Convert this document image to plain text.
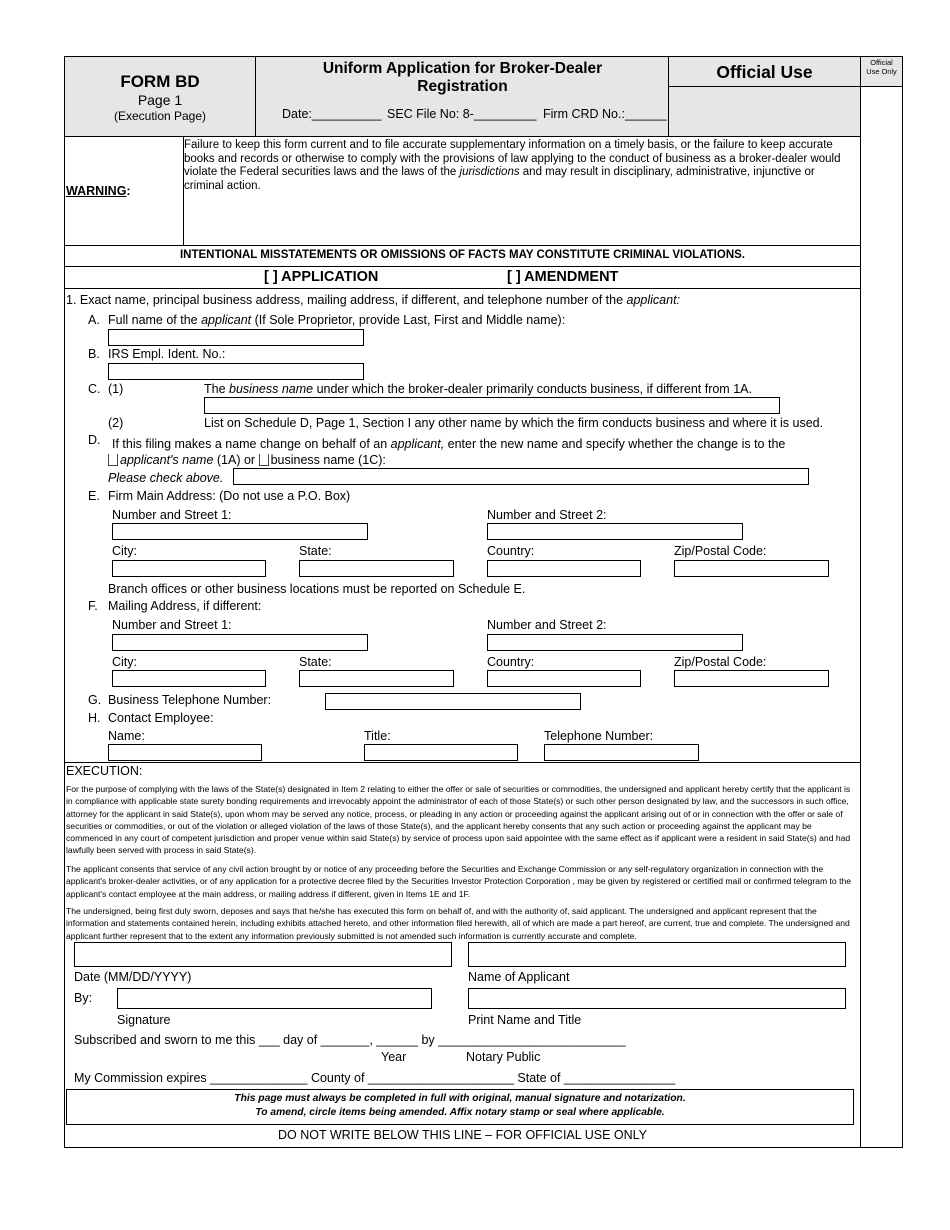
FORM BD
Page 1
(Execution Page)
Uniform Application for Broker-Dealer Registration
Date:__________ SEC File No: 8-_________ Firm CRD No.:______
Official Use	Official Use Only
WARNING:
Failure to keep this form current and to file accurate supplementary information on a timely basis, or the failure to keep accurate books and records or otherwise to comply with the provisions of law applying to the conduct of business as a broker-dealer would violate the Federal securities laws and the laws of the jurisdictions and may result in disciplinary, administrative, injunctive or criminal action.
INTENTIONAL MISSTATEMENTS OR OMISSIONS OF FACTS MAY CONSTITUTE CRIMINAL VIOLATIONS.
[ ] APPLICATION	[ ] AMENDMENT
1. Exact name, principal business address, mailing address, if different, and telephone number of the applicant:
A. Full name of the applicant (If Sole Proprietor, provide Last, First and Middle name):
B. IRS Empl. Ident. No.:
C. (1)	The business name under which the broker-dealer primarily conducts business, if different from 1A.
(2)	List on Schedule D, Page 1, Section I any other name by which the firm conducts business and where it is used.
D. If this filing makes a name change on behalf of an applicant, enter the new name and specify whether the change is to the
applicant's name (1A) or business name (1C):
Please check above.
E. Firm Main Address: (Do not use a P.O. Box)
Number and Street 1:	Number and Street 2:
City:	State:	Country:	Zip/Postal Code:
Branch offices or other business locations must be reported on Schedule E.
F. Mailing Address, if different:
Number and Street 1:	Number and Street 2:
City:	State:	Country:	Zip/Postal Code:
G. Business Telephone Number:
H. Contact Employee:
Name:	Title:	Telephone Number:
EXECUTION:
For the purpose of complying with the laws of the State(s) designated in Item 2 relating to either the offer or sale of securities or commodities, the undersigned and applicant hereby certify that the applicant is in compliance with applicable state surety bonding requirements and irrevocably appoint the administrator of each of those State(s) or such other person designated by law, and the successors in such office, attorney for the applicant in said State(s), upon whom may be served any notice, process, or pleading in any action or proceeding against the applicant arising out of or in connection with the offer or sale of securities or commodities, or out of the violation or alleged violation of the laws of those State(s), and the applicant hereby consents that any such action or proceeding against the applicant may be commenced in any court of competent jurisdiction and proper venue within said State(s) by service of process upon said appointee with the same effect as if applicant were a resident in said State(s) and had lawfully been served with process in said State(s).
The applicant consents that service of any civil action brought by or notice of any proceeding before the Securities and Exchange Commission or any self-regulatory organization in connection with the applicant's broker-dealer activities, or of any application for a protective decree filed by the Securities Investor Protection Corporation , may be given by registered or certified mail or confirmed telegram to the applicant's contact employee at the main address, or mailing address if different, given in Items 1E and 1F.
The undersigned, being first duly sworn, deposes and says that he/she has executed this form on behalf of, and with the authority of, said applicant. The undersigned and applicant represent that the information and statements contained herein, including exhibits attached hereto, and other information filed herewith, all of which are made a part hereof, are current, true and complete. The undersigned and applicant further represent that to the extent any information previously submitted is not amended such information is currently accurate and complete.
Date (MM/DD/YYYY)	Name of Applicant
By:
Signature	Print Name and Title
Subscribed and sworn to me this ___ day of _______, ______ by ___________________________
Year	Notary Public
My Commission expires ______________ County of _____________________ State of ________________
This page must always be completed in full with original, manual signature and notarization.
To amend, circle items being amended. Affix notary stamp or seal where applicable.
DO NOT WRITE BELOW THIS LINE – FOR OFFICIAL USE ONLY
